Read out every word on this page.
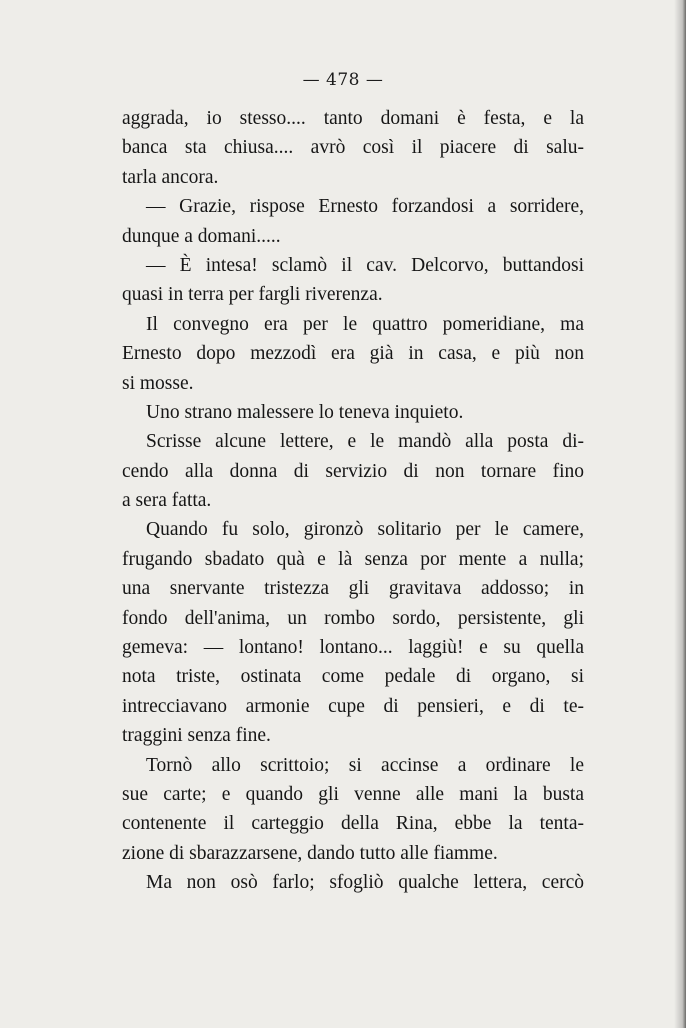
— 478 —
aggrada, io stesso.... tanto domani è festa, e la
banca sta chiusa.... avrò così il piacere di salu-
tarla ancora.
— Grazie, rispose Ernesto forzandosi a sorridere,
dunque a domani.....
— È intesa! sclamò il cav. Delcorvo, buttandosi
quasi in terra per fargli riverenza.
Il convegno era per le quattro pomeridiane, ma
Ernesto dopo mezzodì era già in casa, e più non
si mosse.
Uno strano malessere lo teneva inquieto.
Scrisse alcune lettere, e le mandò alla posta di-
cendo alla donna di servizio di non tornare fino
a sera fatta.
Quando fu solo, gironzò solitario per le camere,
frugando sbadato quà e là senza por mente a nulla;
una snervante tristezza gli gravitava addosso; in
fondo dell'anima, un rombo sordo, persistente, gli
gemeva: — lontano! lontano... laggiù! e su quella
nota triste, ostinata come pedale di organo, si
intrecciavano armonie cupe di pensieri, e di te-
traggini senza fine.
Tornò allo scrittoio; si accinse a ordinare le
sue carte; e quando gli venne alle mani la busta
contenente il carteggio della Rina, ebbe la tenta-
zione di sbarazzarsene, dando tutto alle fiamme.
Ma non osò farlo; sfogliò qualche lettera, cercò
